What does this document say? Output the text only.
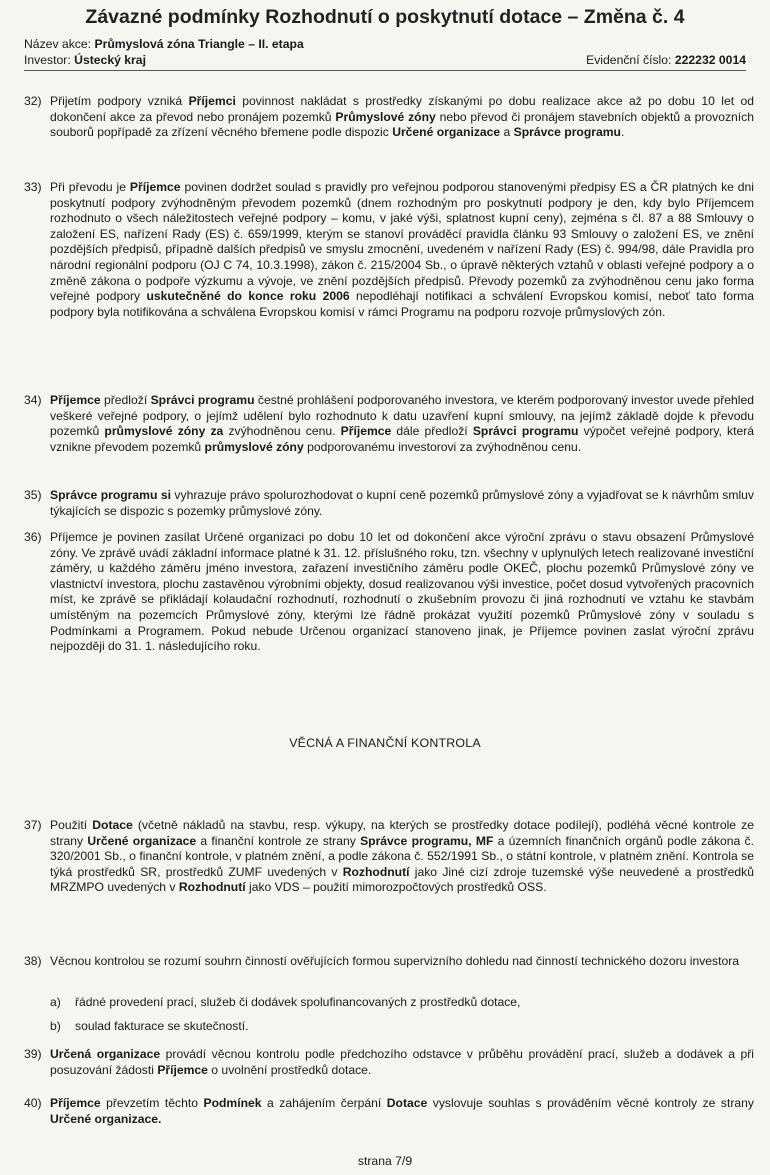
Závazné podmínky Rozhodnutí o poskytnutí dotace – Změna č. 4
Název akce: Průmyslová zóna Triangle – II. etapa
Investor: Ústecký kraj	Evidenční číslo: 222232 0014
32) Přijetím podpory vzniká Příjemci povinnost nakládat s prostředky získanými po dobu realizace akce až po dobu 10 let od dokončení akce za převod nebo pronájem pozemků Průmyslové zóny nebo převod či pronájem stavebních objektů a provozních souborů popřípadě za zřízení věcného břemene podle dispozic Určené organizace a Správce programu.
33) Při převodu je Příjemce povinen dodržet soulad s pravidly pro veřejnou podporou stanovenými předpisy ES a ČR platných ke dni poskytnutí podpory zvýhodněným převodem pozemků (dnem rozhodným pro poskytnutí podpory je den, kdy bylo Příjemcem rozhodnuto o všech náležitostech veřejné podpory – komu, v jaké výši, splatnost kupní ceny), zejména s čl. 87 a 88 Smlouvy o založení ES, nařízení Rady (ES) č. 659/1999, kterým se stanoví prováděcí pravidla článku 93 Smlouvy o založení ES, ve znění pozdějších předpisů, případně dalších předpisů ve smyslu zmocnění, uvedeném v nařízení Rady (ES) č. 994/98, dále Pravidla pro národní regionální podporu (OJ C 74, 10.3.1998), zákon č. 215/2004 Sb., o úpravě některých vztahů v oblasti veřejné podpory a o změně zákona o podpoře výzkumu a vývoje, ve znění pozdějších předpisů. Převody pozemků za zvýhodněnou cenu jako forma veřejné podpory uskutečněné do konce roku 2006 nepodléhají notifikaci a schválení Evropskou komisí, neboť tato forma podpory byla notifikována a schválena Evropskou komisí v rámci Programu na podporu rozvoje průmyslových zón.
34) Příjemce předloží Správci programu čestné prohlášení podporovaného investora, ve kterém podporovaný investor uvede přehled veškeré veřejné podpory, o jejímž udělení bylo rozhodnuto k datu uzavření kupní smlouvy, na jejímž základě dojde k převodu pozemků průmyslové zóny za zvýhodněnou cenu. Příjemce dále předloží Správci programu výpočet veřejné podpory, která vznikne převodem pozemků průmyslové zóny podporovanému investorovi za zvýhodněnou cenu.
35) Správce programu si vyhrazuje právo spolurozhodovat o kupní ceně pozemků průmyslové zóny a vyjadřovat se k návrhům smluv týkajících se dispozic s pozemky průmyslové zóny.
36) Příjemce je povinen zasílat Určené organizaci po dobu 10 let od dokončení akce výroční zprávu o stavu obsazení Průmyslové zóny. Ve zprávě uvádí základní informace platné k 31. 12. příslušného roku, tzn. všechny v uplynulých letech realizované investiční záměry, u každého záměru jméno investora, zařazení investičního záměru podle OKEČ, plochu pozemků Průmyslové zóny ve vlastnictví investora, plochu zastavěnou výrobními objekty, dosud realizovanou výši investice, počet dosud vytvořených pracovních míst, ke zprávě se přikládají kolaudační rozhodnutí, rozhodnutí o zkušebním provozu či jiná rozhodnutí ve vztahu ke stavbám umístěným na pozemcích Průmyslové zóny, kterými lze řádně prokázat využití pozemků Průmyslové zóny v souladu s Podmínkami a Programem. Pokud nebude Určenou organizací stanoveno jinak, je Příjemce povinen zaslat výroční zprávu nejpozději do 31. 1. následujícího roku.
VĚCNÁ A FINANČNÍ KONTROLA
37) Použití Dotace (včetně nákladů na stavbu, resp. výkupy, na kterých se prostředky dotace podílejí), podléhá věcné kontrole ze strany Určené organizace a finanční kontrole ze strany Správce programu, MF a územních finančních orgánů podle zákona č. 320/2001 Sb., o finanční kontrole, v platném znění, a podle zákona č. 552/1991 Sb., o státní kontrole, v platném znění. Kontrola se týká prostředků SR, prostředků ZUMF uvedených v Rozhodnutí jako Jiné cizí zdroje tuzemské výše neuvedené a prostředků MRZMPO uvedených v Rozhodnutí jako VDS – použití mimorozpočtových prostředků OSS.
38) Věcnou kontrolou se rozumí souhrn činností ověřujících formou supervizního dohledu nad činností technického dozoru investora
a) řádné provedení prací, služeb či dodávek spolufinancovaných z prostředků dotace,
b) soulad fakturace se skutečností.
39) Určená organizace provádí věcnou kontrolu podle předchozího odstavce v průběhu provádění prací, služeb a dodávek a při posuzování žádosti Příjemce o uvolnění prostředků dotace.
40) Příjemce převzetím těchto Podmínek a zahájením čerpání Dotace vyslovuje souhlas s prováděním věcné kontroly ze strany Určené organizace.
strana 7/9
